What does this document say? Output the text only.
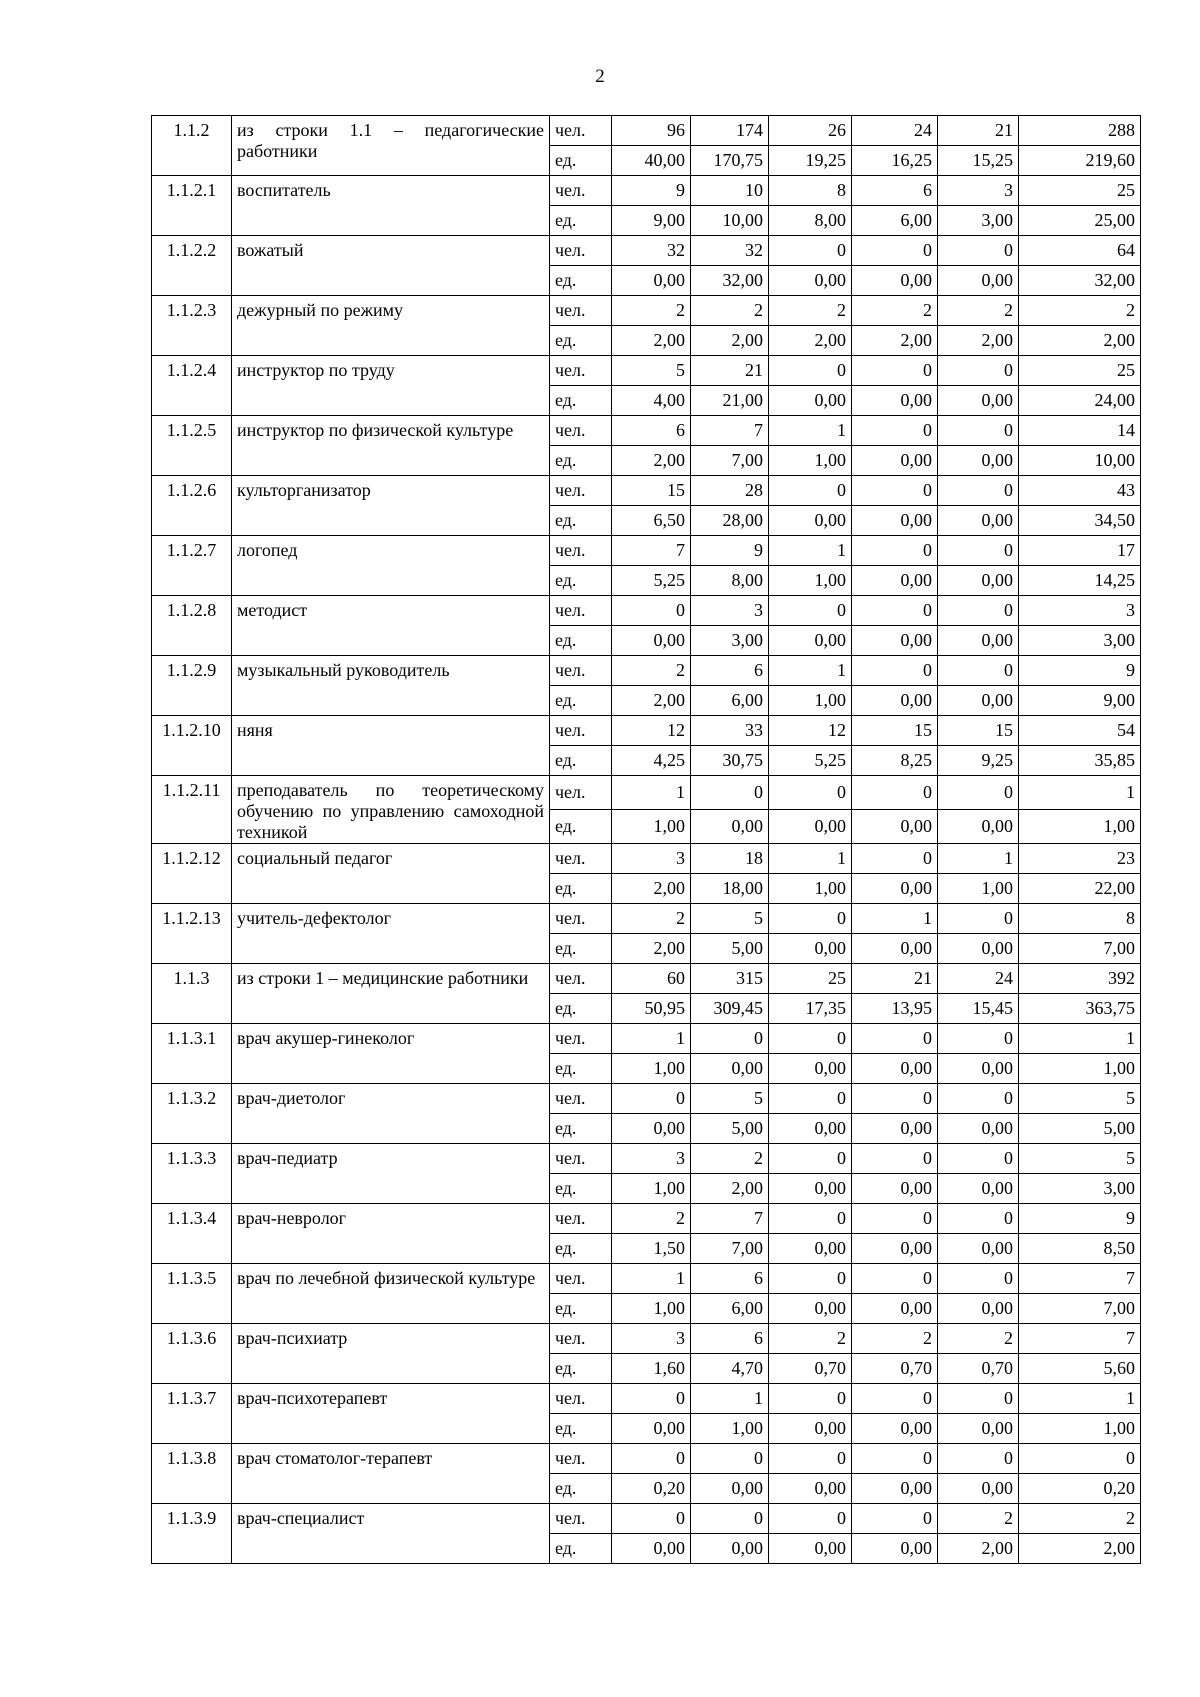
2
1.1.2	из строки 1.1 – педагогические работники	чел.	96	174	26	24	21	288
		ед.	40,00	170,75	19,25	16,25	15,25	219,60
1.1.2.1	воспитатель	чел.	9	10	8	6	3	25
		ед.	9,00	10,00	8,00	6,00	3,00	25,00
1.1.2.2	вожатый	чел.	32	32	0	0	0	64
		ед.	0,00	32,00	0,00	0,00	0,00	32,00
1.1.2.3	дежурный по режиму	чел.	2	2	2	2	2	2
		ед.	2,00	2,00	2,00	2,00	2,00	2,00
1.1.2.4	инструктор по труду	чел.	5	21	0	0	0	25
		ед.	4,00	21,00	0,00	0,00	0,00	24,00
1.1.2.5	инструктор по физической культуре	чел.	6	7	1	0	0	14
		ед.	2,00	7,00	1,00	0,00	0,00	10,00
1.1.2.6	культорганизатор	чел.	15	28	0	0	0	43
		ед.	6,50	28,00	0,00	0,00	0,00	34,50
1.1.2.7	логопед	чел.	7	9	1	0	0	17
		ед.	5,25	8,00	1,00	0,00	0,00	14,25
1.1.2.8	методист	чел.	0	3	0	0	0	3
		ед.	0,00	3,00	0,00	0,00	0,00	3,00
1.1.2.9	музыкальный руководитель	чел.	2	6	1	0	0	9
		ед.	2,00	6,00	1,00	0,00	0,00	9,00
1.1.2.10	няня	чел.	12	33	12	15	15	54
		ед.	4,25	30,75	5,25	8,25	9,25	35,85
1.1.2.11	преподаватель по теоретическому обучению по управлению самоходной техникой	чел.	1	0	0	0	0	1
		ед.	1,00	0,00	0,00	0,00	0,00	1,00
1.1.2.12	социальный педагог	чел.	3	18	1	0	1	23
		ед.	2,00	18,00	1,00	0,00	1,00	22,00
1.1.2.13	учитель-дефектолог	чел.	2	5	0	1	0	8
		ед.	2,00	5,00	0,00	0,00	0,00	7,00
1.1.3	из строки 1 – медицинские работники	чел.	60	315	25	21	24	392
		ед.	50,95	309,45	17,35	13,95	15,45	363,75
1.1.3.1	врач акушер-гинеколог	чел.	1	0	0	0	0	1
		ед.	1,00	0,00	0,00	0,00	0,00	1,00
1.1.3.2	врач-диетолог	чел.	0	5	0	0	0	5
		ед.	0,00	5,00	0,00	0,00	0,00	5,00
1.1.3.3	врач-педиатр	чел.	3	2	0	0	0	5
		ед.	1,00	2,00	0,00	0,00	0,00	3,00
1.1.3.4	врач-невролог	чел.	2	7	0	0	0	9
		ед.	1,50	7,00	0,00	0,00	0,00	8,50
1.1.3.5	врач по лечебной физической культуре	чел.	1	6	0	0	0	7
		ед.	1,00	6,00	0,00	0,00	0,00	7,00
1.1.3.6	врач-психиатр	чел.	3	6	2	2	2	7
		ед.	1,60	4,70	0,70	0,70	0,70	5,60
1.1.3.7	врач-психотерапевт	чел.	0	1	0	0	0	1
		ед.	0,00	1,00	0,00	0,00	0,00	1,00
1.1.3.8	врач стоматолог-терапевт	чел.	0	0	0	0	0	0
		ед.	0,20	0,00	0,00	0,00	0,00	0,20
1.1.3.9	врач-специалист	чел.	0	0	0	0	2	2
		ед.	0,00	0,00	0,00	0,00	2,00	2,00
